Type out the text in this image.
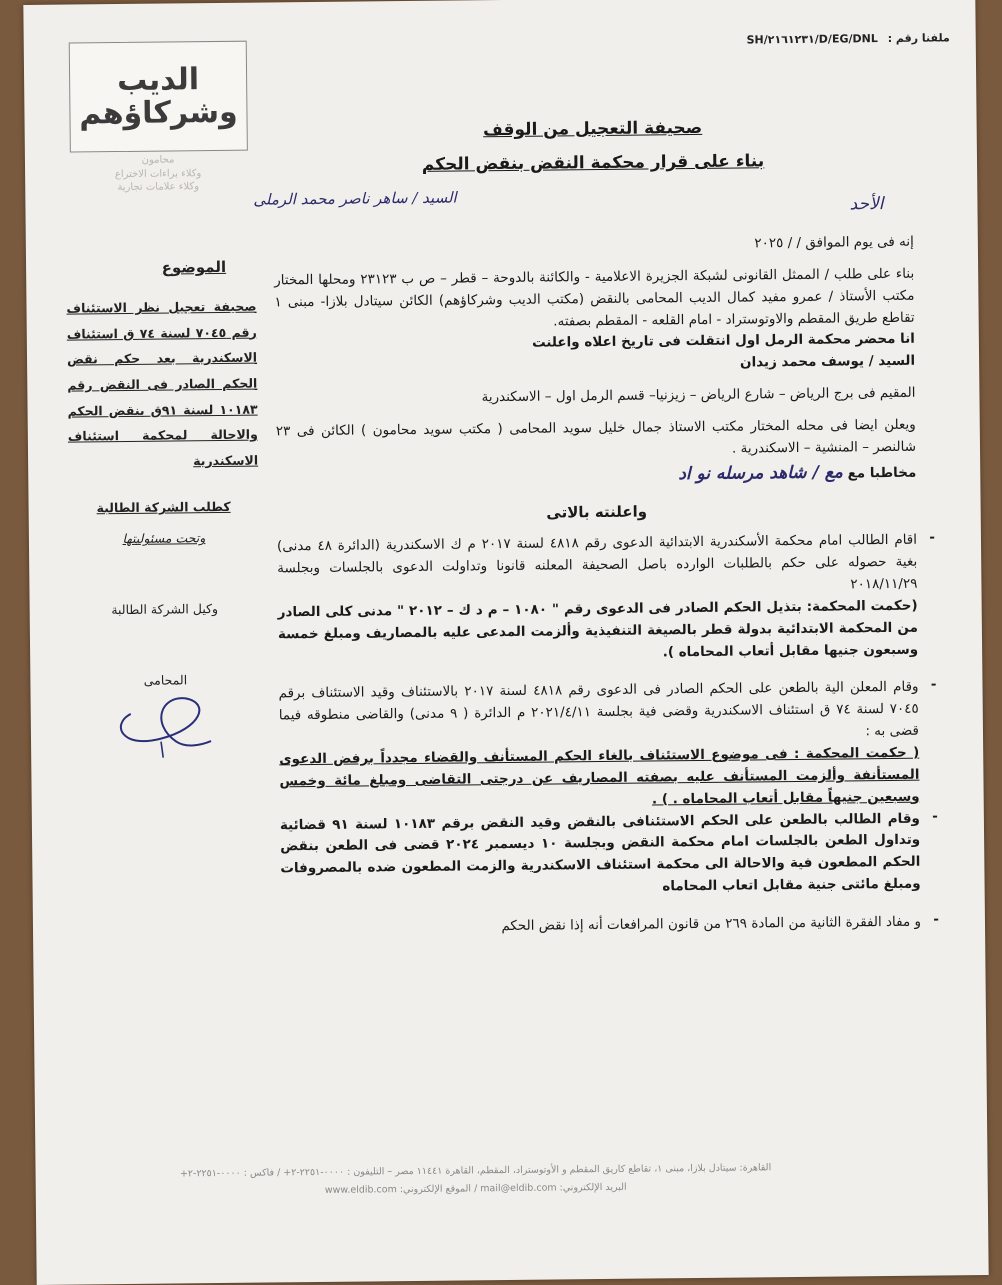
ملفنا رقم : SH/٢١٦١٢٣١/D/EG/DNL
الديب
وشركاؤهم
محامون
وكلاء براءات الاختراع
وكلاء علامات تجارية
الموضوع
صحيفة تعجيل نظر الاستئناف رقم ٧٠٤٥ لسنة ٧٤ ق استئناف الاسكندرية بعد حكم نقض الحكم الصادر فى النقض رقم ١٠١٨٣ لسنة ٩١ق بنقض الحكم والاحالة لمحكمة استئناف الاسكندرية
كطلب الشركة الطالبة
وتحت مسئوليتها
وكيل الشركة الطالبة
المحامى
صحيفة التعجيل من الوقف
بناء على قرار محكمة النقض بنقض الحكم
الأحد
السيد / ساهر ناصر محمد الرملى

إنه فى يوم الموافق / / ٢٠٢٥

بناء على طلب / الممثل القانونى لشبكة الجزيرة الاعلامية - والكائنة بالدوحة – قطر – ص ب ٢٣١٢٣ ومحلها المختار مكتب الأستاذ / عمرو مفيد كمال الديب المحامى بالنقض (مكتب الديب وشركاؤهم) الكائن سيتادل بلازا- مبنى ١ تقاطع طريق المقطم والاوتوستراد - امام القلعه - المقطم بصفته.

انا محضر محكمة الرمل اول انتقلت فى تاريخ اعلاه واعلنت

السيد / يوسف محمد زيدان

المقيم فى برج الرياض – شارع الرياض – زيزنيا– قسم الرمل اول – الاسكندرية

ويعلن ايضا فى محله المختار مكتب الاستاذ جمال خليل سويد المحامى ( مكتب سويد محامون ) الكائن فى ٢٣ شالنصر – المنشية – الاسكندرية .

مخاطبا مع مع / شاهد مرسله نو اد

واعلنته بالاتى
-

اقام الطالب امام محكمة الأسكندرية الابتدائية الدعوى رقم ٤٨١٨ لسنة ٢٠١٧ م ك الاسكندرية (الدائرة ٤٨ مدنى) بغية حصوله على حكم بالطلبات الوارده باصل الصحيفة المعلنه قانونا وتداولت الدعوى بالجلسات وبجلسة ٢٠١٨/١١/٢٩

(حكمت المحكمة: بتذيل الحكم الصادر فى الدعوى رقم " ١٠٨٠ – م د ك – ٢٠١٢ " مدنى كلى الصادر من المحكمة الابتدائية بدولة قطر بالصيغة التنفيذية وألزمت المدعى عليه بالمصاريف ومبلغ خمسة وسبعون جنيها مقابل أتعاب المحاماه ).

-

وقام المعلن الية بالطعن على الحكم الصادر فى الدعوى رقم ٤٨١٨ لسنة ٢٠١٧ بالاستئناف وقيد الاستئناف برقم ٧٠٤٥ لسنة ٧٤ ق استئناف الاسكندرية وقضى فية بجلسة ٢٠٢١/٤/١١ م الدائرة ( ٩ مدنى) والقاضى منطوقه فيما قضى به :

( حكمت المحكمة : فى موضوع الاستئناف بالغاء الحكم المستأنف والقضاء مجدداً برفض الدعوى المستأنفة وألزمت المستأنف عليه بصفته المصاريف عن درجتى التقاضى ومبلغ مائة وخمس وسبعين جنيهاً مقابل أتعاب المحاماه . ) .

-

وقام الطالب بالطعن على الحكم الاستئنافى بالنقض وقيد النقض برقم ١٠١٨٣ لسنة ٩١ قضائية وتداول الطعن بالجلسات امام محكمة النقض وبجلسة ١٠ ديسمبر ٢٠٢٤ قضى فى الطعن بنقض الحكم المطعون فية والاحالة الى محكمة استئناف الاسكندرية والزمت المطعون ضده بالمصروفات ومبلغ مائتى جنية مقابل اتعاب المحاماه

-

و مفاد الفقرة الثانية من المادة ٢٦٩ من قانون المرافعات أنه إذا نقض الحكم

القاهرة: سيتادل بلازا، مبنى ١، تقاطع كاريق المقطم و الأوتوستراد، المقطم، القاهرة ١١٤٤١ مصر – التليفون : ٠٠٠٠-٢٢٥١-٢+ / فاكس : ٠٠٠٠-٢٢٥١-٢+
البريد الإلكتروني: mail@eldib.com / الموقع الإلكتروني: www.eldib.com
